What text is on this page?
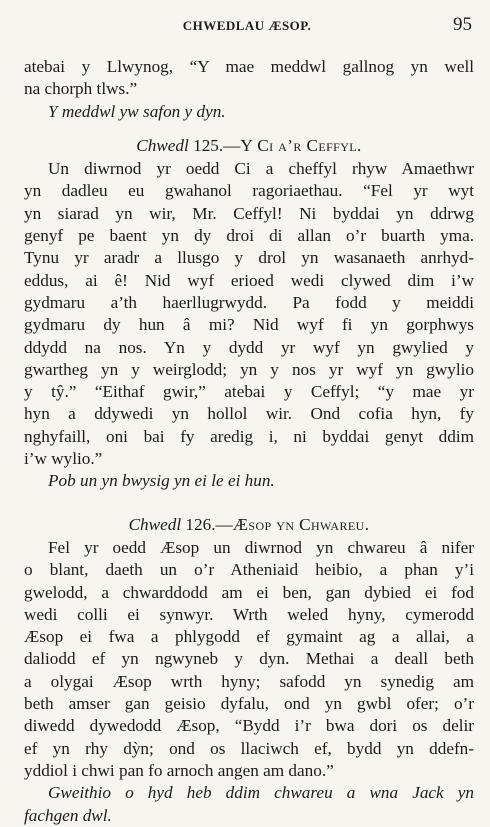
CHWEDLAU ÆSOP.	95
atebai y Llwynog, “Y mae meddwl gallnog yn well
na chorph tlws.”
Y meddwl yw safon y dyn.
Chwedl 125.—Y Ci a’r Ceffyl.
Un diwrnod yr oedd Ci a cheffyl rhyw Amaethwr
yn dadleu eu gwahanol ragoriaethau. “Fel yr wyt
yn siarad yn wir, Mr. Ceffyl! Ni byddai yn ddrwg
genyf pe baent yn dy droi di allan o’r buarth yma.
Tynu yr aradr a llusgo y drol yn wasanaeth anrhyd-
eddus, ai ê! Nid wyf erioed wedi clywed dim i’w
gydmaru a’th haerllugrwydd. Pa fodd y meiddi
gydmaru dy hun â mi? Nid wyf fi yn gorphwys
ddydd na nos. Yn y dydd yr wyf yn gwylied y
gwartheg yn y weirglodd; yn y nos yr wyf yn gwylio
y tŷ.” “Eithaf gwir,” atebai y Ceffyl; “y mae yr
hyn a ddywedi yn hollol wir. Ond cofia hyn, fy
nghyfaill, oni bai fy aredig i, ni byddai genyt ddim
i’w wylio.”
Pob un yn bwysig yn ei le ei hun.
Chwedl 126.—Æsop yn Chwareu.
Fel yr oedd Æsop un diwrnod yn chwareu â nifer
o blant, daeth un o’r Atheniaid heibio, a phan y’i
gwelodd, a chwarddodd am ei ben, gan dybied ei fod
wedi colli ei synwyr. Wrth weled hyny, cymerodd
Æsop ei fwa a phlygodd ef gymaint ag a allai, a
daliodd ef yn ngwyneb y dyn. Methai a deall beth
a olygai Æsop wrth hyny; safodd yn synedig am
beth amser gan geisio dyfalu, ond yn gwbl ofer; o’r
diwedd dywedodd Æsop, “Bydd i’r bwa dori os delir
ef yn rhy dỳn; ond os llaciwch ef, bydd yn ddefn-
yddiol i chwi pan fo arnoch angen am dano.”
Gweithio o hyd heb ddim chwareu a wna Jack yn
fachgen dwl.
